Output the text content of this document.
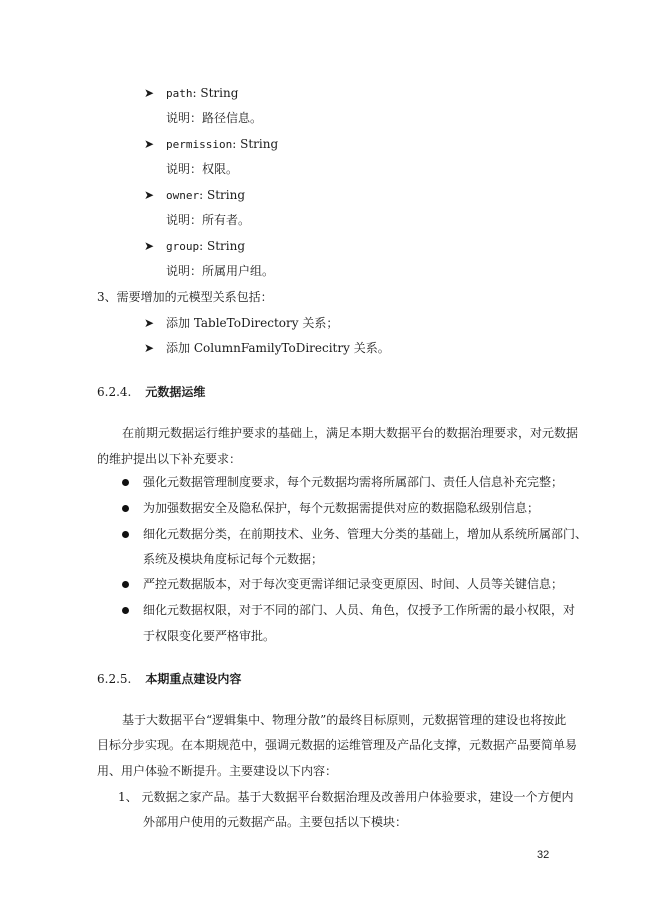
➤ path: String
说明：路径信息。
➤ permission: String
说明：权限。
➤ owner: String
说明：所有者。
➤ group: String
说明：所属用户组。
3、需要增加的元模型关系包括：
➤ 添加 TableToDirectory 关系；
➤ 添加 ColumnFamilyToDirecitry 关系。
6.2.4. 元数据运维
在前期元数据运行维护要求的基础上，满足本期大数据平台的数据治理要求，对元数据
的维护提出以下补充要求：
强化元数据管理制度要求，每个元数据均需将所属部门、责任人信息补充完整；
为加强数据安全及隐私保护，每个元数据需提供对应的数据隐私级别信息；
细化元数据分类，在前期技术、业务、管理大分类的基础上，增加从系统所属部门、
系统及模块角度标记每个元数据；
严控元数据版本，对于每次变更需详细记录变更原因、时间、人员等关键信息；
细化元数据权限，对于不同的部门、人员、角色，仅授予工作所需的最小权限，对
于权限变化要严格审批。
6.2.5. 本期重点建设内容
基于大数据平台“逻辑集中、物理分散”的最终目标原则，元数据管理的建设也将按此
目标分步实现。在本期规范中，强调元数据的运维管理及产品化支撑，元数据产品要简单易
用、用户体验不断提升。主要建设以下内容：
1、 元数据之家产品。基于大数据平台数据治理及改善用户体验要求，建设一个方便内
外部用户使用的元数据产品。主要包括以下模块：
32
